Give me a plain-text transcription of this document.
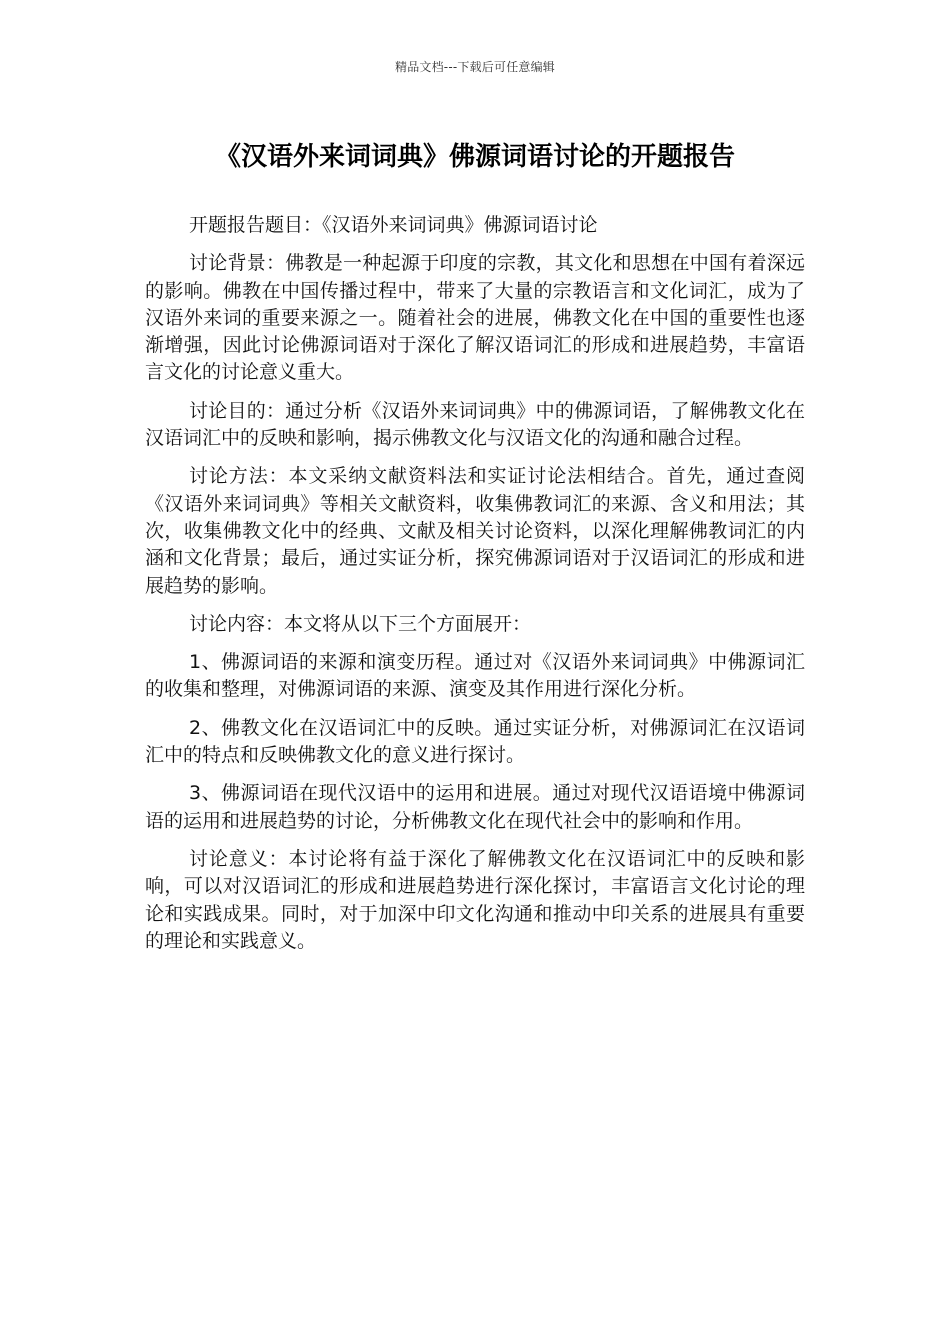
精品文档---下载后可任意编辑
《汉语外来词词典》佛源词语讨论的开题报告

开题报告题目：《汉语外来词词典》佛源词语讨论

讨论背景：佛教是一种起源于印度的宗教，其文化和思想在中国有着深远的影响。佛教在中国传播过程中，带来了大量的宗教语言和文化词汇，成为了汉语外来词的重要来源之一。随着社会的进展，佛教文化在中国的重要性也逐渐增强，因此讨论佛源词语对于深化了解汉语词汇的形成和进展趋势，丰富语言文化的讨论意义重大。

讨论目的：通过分析《汉语外来词词典》中的佛源词语，了解佛教文化在汉语词汇中的反映和影响，揭示佛教文化与汉语文化的沟通和融合过程。

讨论方法：本文采纳文献资料法和实证讨论法相结合。首先，通过查阅《汉语外来词词典》等相关文献资料，收集佛教词汇的来源、含义和用法；其次，收集佛教文化中的经典、文献及相关讨论资料，以深化理解佛教词汇的内涵和文化背景；最后，通过实证分析，探究佛源词语对于汉语词汇的形成和进展趋势的影响。

讨论内容：本文将从以下三个方面展开：

1、佛源词语的来源和演变历程。通过对《汉语外来词词典》中佛源词汇的收集和整理，对佛源词语的来源、演变及其作用进行深化分析。

2、佛教文化在汉语词汇中的反映。通过实证分析，对佛源词汇在汉语词汇中的特点和反映佛教文化的意义进行探讨。

3、佛源词语在现代汉语中的运用和进展。通过对现代汉语语境中佛源词语的运用和进展趋势的讨论，分析佛教文化在现代社会中的影响和作用。

讨论意义：本讨论将有益于深化了解佛教文化在汉语词汇中的反映和影响，可以对汉语词汇的形成和进展趋势进行深化探讨，丰富语言文化讨论的理论和实践成果。同时，对于加深中印文化沟通和推动中印关系的进展具有重要的理论和实践意义。
